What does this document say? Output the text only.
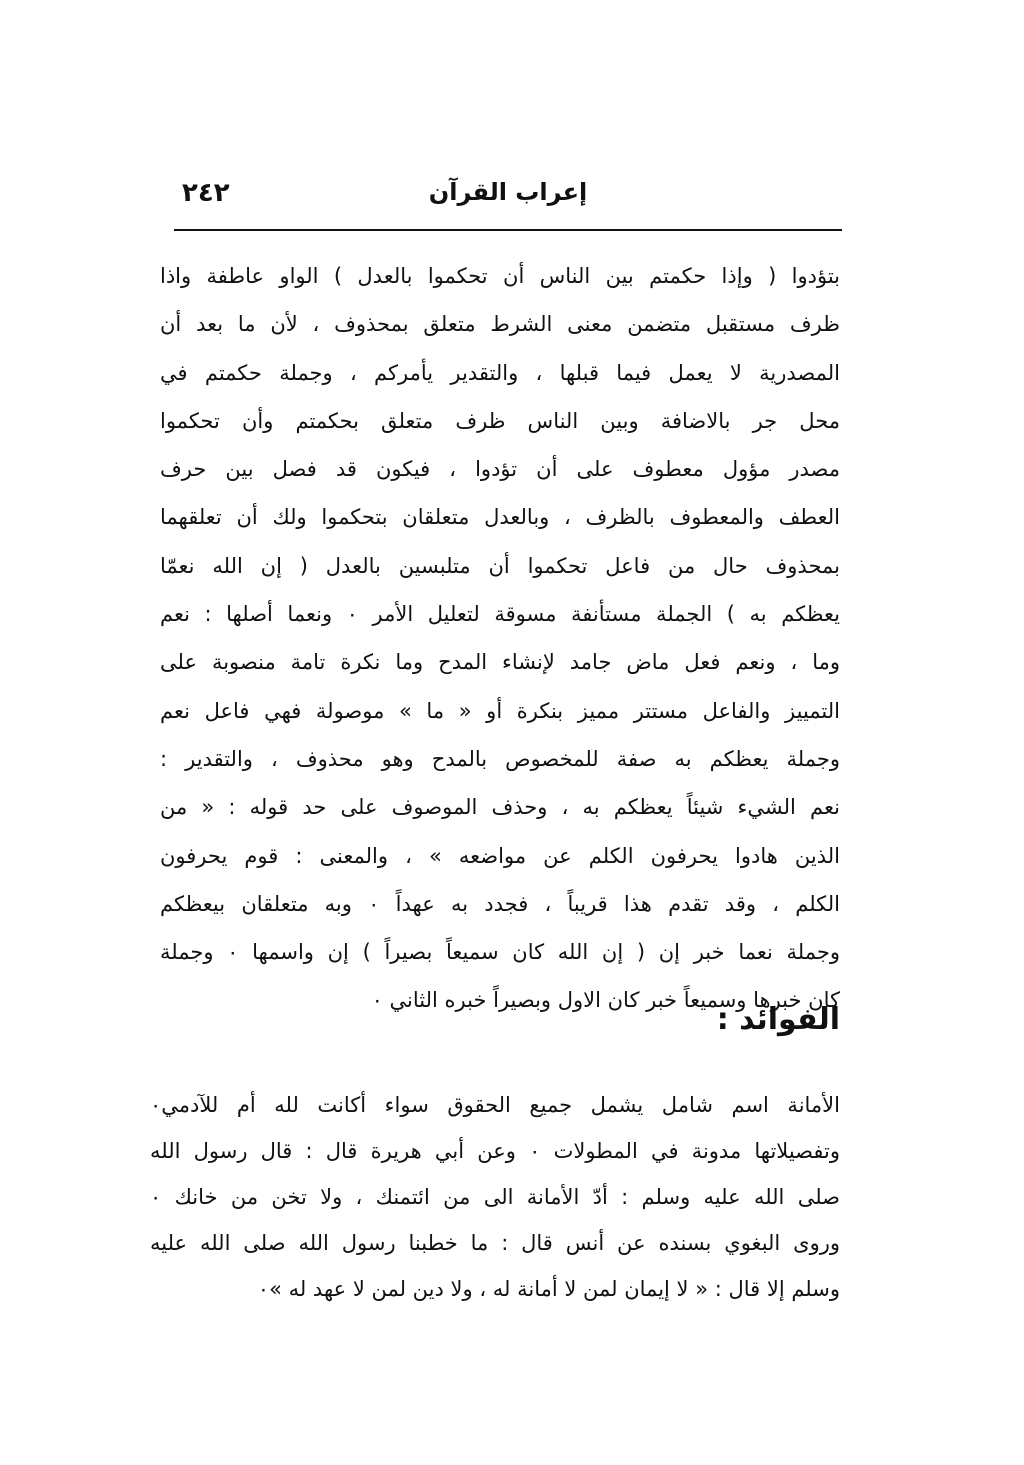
٢٤٢	إعراب القرآن

بتؤدوا ( وإذا حكمتم بين الناس أن تحكموا بالعدل ) الواو عاطفة واذا
ظرف مستقبل متضمن معنى الشرط متعلق بمحذوف ، لأن ما بعد أن
المصدرية لا يعمل فيما قبلها ، والتقدير يأمركم ، وجملة حكمتم في
محل جر بالاضافة وبين الناس ظرف متعلق بحكمتم وأن تحكموا
مصدر مؤول معطوف على أن تؤدوا ، فيكون قد فصل بين حرف
العطف والمعطوف بالظرف ، وبالعدل متعلقان بتحكموا ولك أن تعلقهما
بمحذوف حال من فاعل تحكموا أن متلبسين بالعدل ( إن الله نعمّا
يعظكم به ) الجملة مستأنفة مسوقة لتعليل الأمر ٠ ونعما أصلها : نعم
وما ، ونعم فعل ماض جامد لإنشاء المدح وما نكرة تامة منصوبة على
التمييز والفاعل مستتر مميز بنكرة أو « ما » موصولة فهي فاعل نعم
وجملة يعظكم به صفة للمخصوص بالمدح وهو محذوف ، والتقدير :
نعم الشيء شيئاً يعظكم به ، وحذف الموصوف على حد قوله : « من
الذين هادوا يحرفون الكلم عن مواضعه » ، والمعنى : قوم يحرفون
الكلم ، وقد تقدم هذا قريباً ، فجدد به عهداً ٠ وبه متعلقان بيعظكم
وجملة نعما خبر إن ( إن الله كان سميعاً بصيراً ) إن واسمها ٠ وجملة
كان خبرها وسميعاً خبر كان الاول وبصيراً خبره الثاني ٠

الفوائد :

الأمانة اسم شامل يشمل جميع الحقوق سواء أكانت لله أم للآدمي٠
وتفصيلاتها مدونة في المطولات ٠ وعن أبي هريرة قال : قال رسول الله
صلى الله عليه وسلم : أدّ الأمانة الى من ائتمنك ، ولا تخن من خانك ٠
وروى البغوي بسنده عن أنس قال : ما خطبنا رسول الله صلى الله عليه
وسلم إلا قال : « لا إيمان لمن لا أمانة له ، ولا دين لمن لا عهد له »٠
